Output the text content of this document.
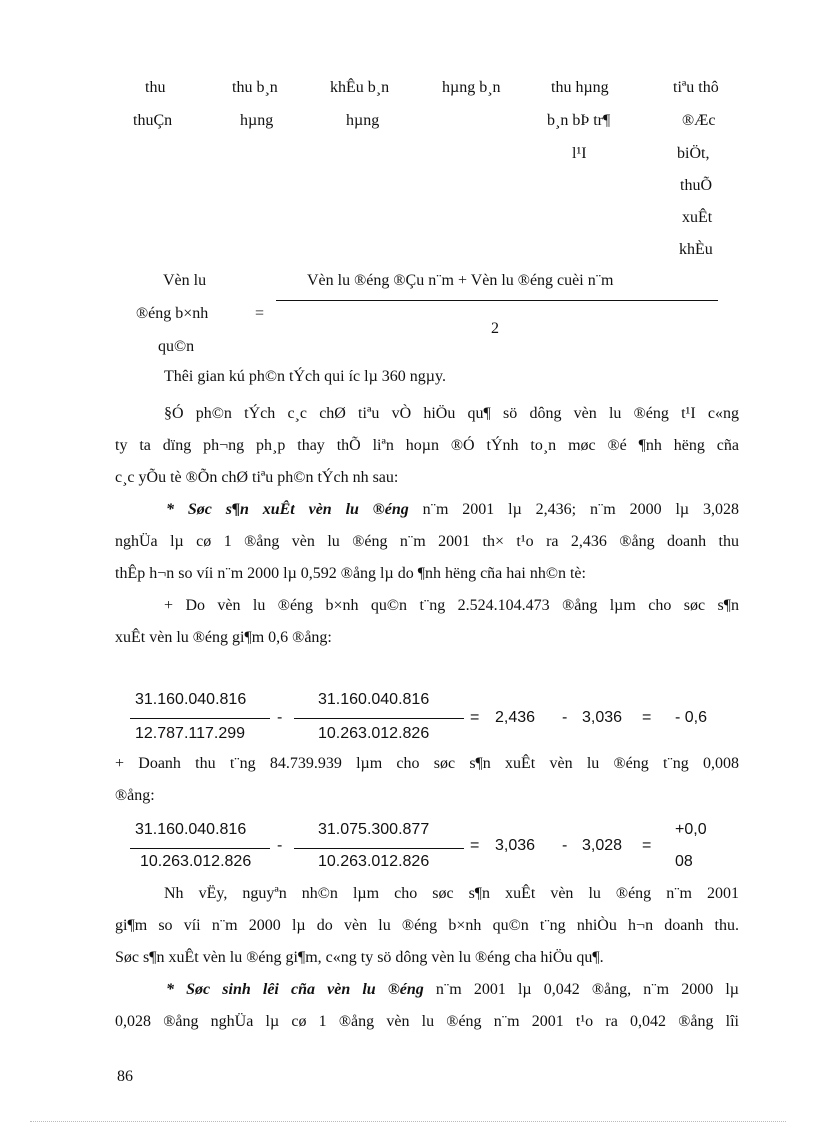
thu
thuÇn
thu b¸n
hµng
khÊu b¸n
hµng
hµng b¸n	thu hµng
b¸n bÞ tr¶
l¹I
tiªu thô
®Æc
biÖt,
thuÕ
xuÊt
khÈu
Vèn lu
®éng b×nh
qu©n
=
Vèn lu ®éng ®Çu n¨m + Vèn lu ®éng cuèi n¨m
2
Thêi gian kú ph©n tÝch qui íc lµ 360 ngµy.
§Ó ph©n tÝch c¸c chØ tiªu vÒ hiÖu qu¶ sö dông vèn lu ®éng t¹I c«ng
ty ta dïng ph¬ng ph¸p thay thÕ liªn hoµn ®Ó tÝnh to¸n møc ®é ¶nh hëng cña
c¸c yÕu tè ®Õn chØ tiªu ph©n tÝch nh sau:
* Søc s¶n xuÊt vèn lu ®éng n¨m 2001 lµ 2,436; n¨m 2000 lµ 3,028
nghÜa lµ cø 1 ®ång vèn lu ®éng n¨m 2001 th× t¹o ra 2,436 ®ång doanh thu
thÊp h¬n so víi n¨m 2000 lµ 0,592 ®ång lµ do ¶nh hëng cña hai nh©n tè:
+ Do vèn lu ®éng b×nh qu©n t¨ng 2.524.104.473 ®ång lµm cho søc s¶n
xuÊt vèn lu ®éng gi¶m 0,6 ®ång:
31.160.040.816
12.787.117.299
-
31.160.040.816
10.263.012.826
= 2,436 - 3,036 = - 0,6
+ Doanh thu t¨ng 84.739.939 lµm cho søc s¶n xuÊt vèn lu ®éng t¨ng 0,008
®ång:
31.160.040.816
10.263.012.826
-
31.075.300.877
10.263.012.826
= 3,036 - 3,028 =
+0,0
08
Nh vËy, nguyªn nh©n lµm cho søc s¶n xuÊt vèn lu ®éng n¨m 2001
gi¶m so víi n¨m 2000 lµ do vèn lu ®éng b×nh qu©n t¨ng nhiÒu h¬n doanh thu.
Søc s¶n xuÊt vèn lu ®éng gi¶m, c«ng ty sö dông vèn lu ®éng cha hiÖu qu¶.
* Søc sinh lêi cña vèn lu ®éng n¨m 2001 lµ 0,042 ®ång, n¨m 2000 lµ
0,028 ®ång nghÜa lµ cø 1 ®ång vèn lu ®éng n¨m 2001 t¹o ra 0,042 ®ång lîi
86
